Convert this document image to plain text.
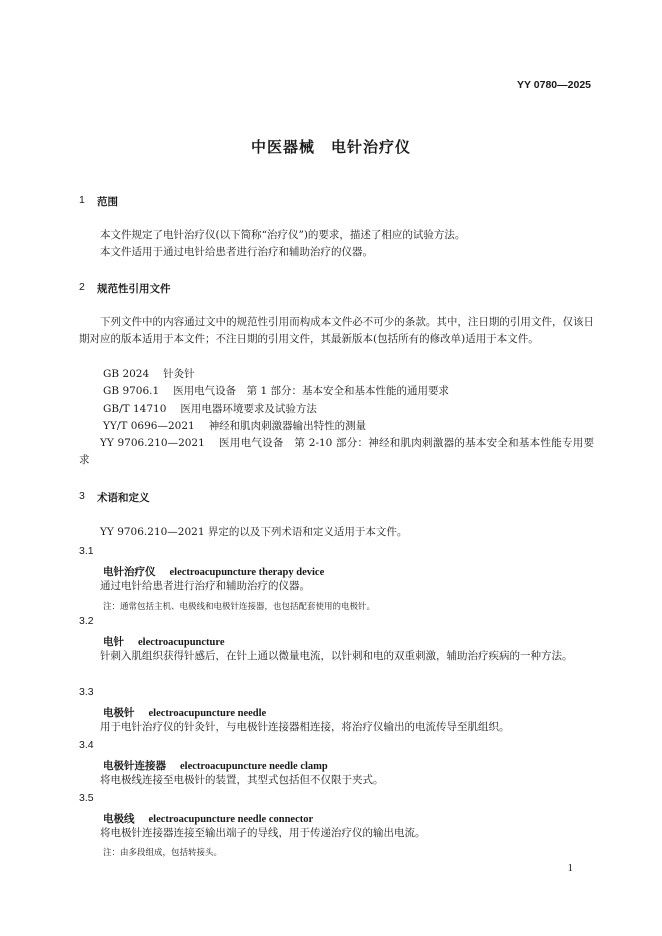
YY 0780—2025
中医器械　电针治疗仪
1 范围
本文件规定了电针治疗仪(以下简称“治疗仪”)的要求，描述了相应的试验方法。
本文件适用于通过电针给患者进行治疗和辅助治疗的仪器。
2 规范性引用文件
下列文件中的内容通过文中的规范性引用而构成本文件必不可少的条款。其中，注日期的引用文件，仅该日期对应的版本适用于本文件；不注日期的引用文件，其最新版本(包括所有的修改单)适用于本文件。
GB 2024 针灸针
GB 9706.1 医用电气设备　第 1 部分：基本安全和基本性能的通用要求
GB/T 14710 医用电器环境要求及试验方法
YY/T 0696—2021 神经和肌肉刺激器输出特性的测量
YY 9706.210—2021 医用电气设备　第 2-10 部分：神经和肌肉刺激器的基本安全和基本性能专用要求
3 术语和定义
YY 9706.210—2021 界定的以及下列术语和定义适用于本文件。
3.1
电针治疗仪 electroacupuncture therapy device
通过电针给患者进行治疗和辅助治疗的仪器。
注：通常包括主机、电极线和电极针连接器，也包括配套使用的电极针。
3.2
电针 electroacupuncture
针刺入肌组织获得针感后，在针上通以微量电流，以针刺和电的双重刺激，辅助治疗疾病的一种方法。
3.3
电极针 electroacupuncture needle
用于电针治疗仪的针灸针，与电极针连接器相连接，将治疗仪输出的电流传导至肌组织。
3.4
电极针连接器 electroacupuncture needle clamp
将电极线连接至电极针的装置，其型式包括但不仅限于夹式。
3.5
电极线 electroacupuncture needle connector
将电极针连接器连接至输出端子的导线，用于传递治疗仪的输出电流。
注：由多段组成，包括转接头。
1
